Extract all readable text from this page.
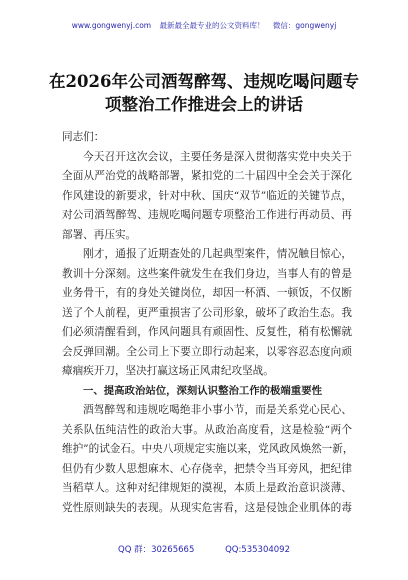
www.gongwenyj.com 最新最全最专业的公文资料库！ 微信：gongwenyj
在2026年公司酒驾醉驾、违规吃喝问题专
项整治工作推进会上的讲话

同志们：

今天召开这次会议，主要任务是深入贯彻落实党中央关于
全面从严治党的战略部署，紧扣党的二十届四中全会关于深化
作风建设的新要求，针对中秋、国庆“双节”临近的关键节点，
对公司酒驾醉驾、违规吃喝问题专项整治工作进行再动员、再
部署、再压实。

刚才，通报了近期查处的几起典型案件，情况触目惊心，
教训十分深刻。这些案件就发生在我们身边，当事人有的曾是
业务骨干，有的身处关键岗位，却因一杯酒、一顿饭，不仅断
送了个人前程，更严重损害了公司形象，破坏了政治生态。我
们必须清醒看到，作风问题具有顽固性、反复性，稍有松懈就
会反弹回潮。全公司上下要立即行动起来，以零容忍态度向顽
瘴痼疾开刀，坚决打赢这场正风肃纪攻坚战。

一、提高政治站位，深刻认识整治工作的极端重要性

酒驾醉驾和违规吃喝绝非小事小节，而是关系党心民心、
关系队伍纯洁性的政治大事。从政治高度看，这是检验“两个
维护”的试金石。中央八项规定实施以来，党风政风焕然一新，
但仍有少数人思想麻木、心存侥幸，把禁令当耳旁风，把纪律
当稻草人。这种对纪律规矩的漠视，本质上是政治意识淡薄、
党性原则缺失的表现。从现实危害看，这是侵蚀企业肌体的毒

QQ 群：30265665	QQ:535304092
